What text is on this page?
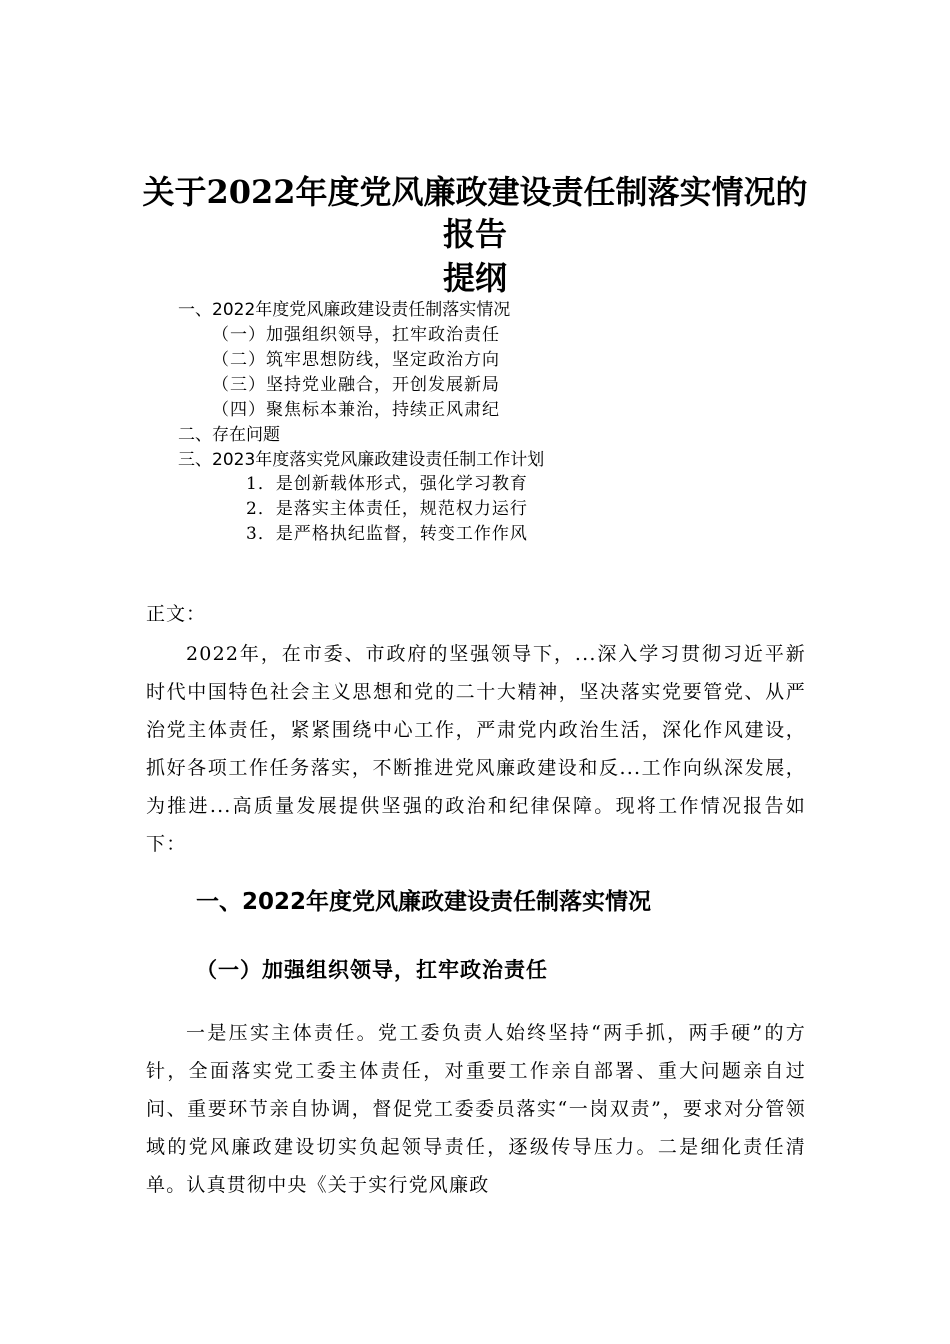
关于2022年度党风廉政建设责任制落实情况的
报告
提纲
一、2022年度党风廉政建设责任制落实情况
（一）加强组织领导，扛牢政治责任
（二）筑牢思想防线，坚定政治方向
（三）坚持党业融合，开创发展新局
（四）聚焦标本兼治，持续正风肃纪
二、存在问题
三、2023年度落实党风廉政建设责任制工作计划
1．是创新载体形式，强化学习教育
2．是落实主体责任，规范权力运行
3．是严格执纪监督，转变工作作风
正文：

2022年，在市委、市政府的坚强领导下，...深入学习贯彻习近平新时代中国特色社会主义思想和党的二十大精神，坚决落实党要管党、从严治党主体责任，紧紧围绕中心工作，严肃党内政治生活，深化作风建设，抓好各项工作任务落实，不断推进党风廉政建设和反...工作向纵深发展，为推进...高质量发展提供坚强的政治和纪律保障。现将工作情况报告如下：

一、2022年度党风廉政建设责任制落实情况
（一）加强组织领导，扛牢政治责任

一是压实主体责任。党工委负责人始终坚持“两手抓，两手硬”的方针，全面落实党工委主体责任，对重要工作亲自部署、重大问题亲自过问、重要环节亲自协调，督促党工委委员落实“一岗双责”，要求对分管领域的党风廉政建设切实负起领导责任，逐级传导压力。二是细化责任清单。认真贯彻中央《关于实行党风廉政
